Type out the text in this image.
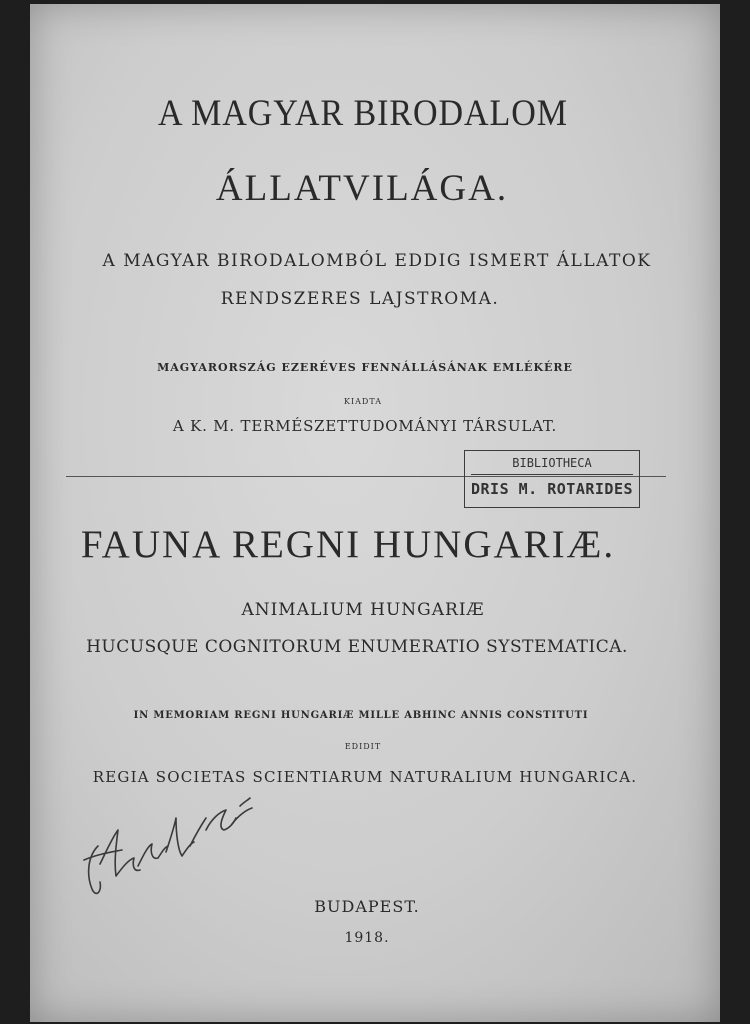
A MAGYAR BIRODALOM
ÁLLATVILÁGA.
A MAGYAR BIRODALOMBÓL EDDIG ISMERT ÁLLATOK
RENDSZERES LAJSTROMA.
MAGYARORSZÁG EZERÉVES FENNÁLLÁSÁNAK EMLÉKÉRE
KIADTA
A K. M. TERMÉSZETTUDOMÁNYI TÁRSULAT.
BIBLIOTHECA
DRIS M. ROTARIDES
FAUNA REGNI HUNGARIÆ.
ANIMALIUM HUNGARIÆ
HUCUSQUE COGNITORUM ENUMERATIO SYSTEMATICA.
IN MEMORIAM REGNI HUNGARIÆ MILLE ABHINC ANNIS CONSTITUTI
EDIDIT
REGIA SOCIETAS SCIENTIARUM NATURALIUM HUNGARICA.
BUDAPEST.
1918.
